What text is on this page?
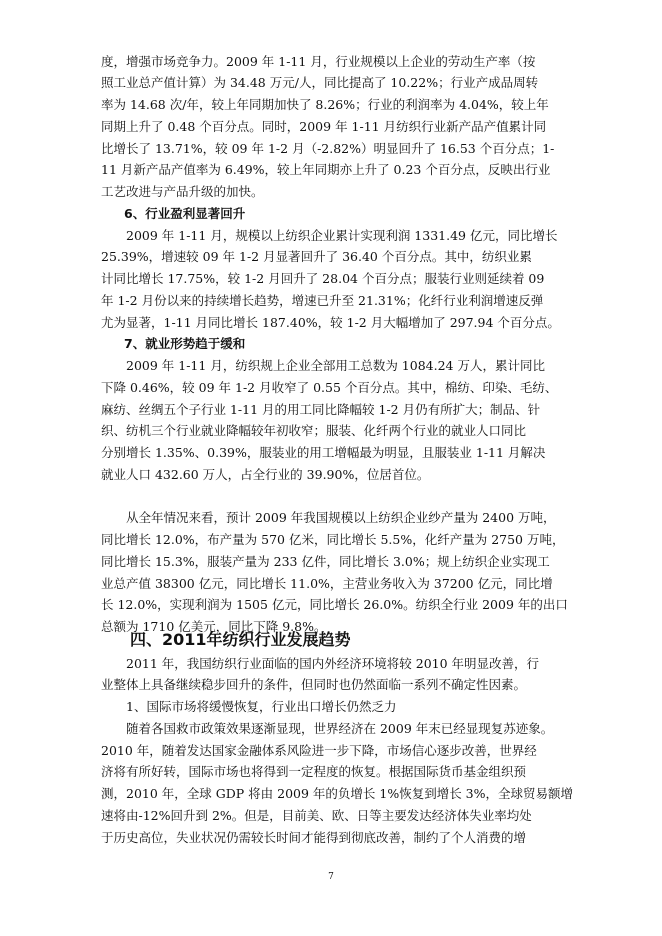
度，增强市场竞争力。2009 年 1-11 月，行业规模以上企业的劳动生产率（按
照工业总产值计算）为 34.48 万元/人，同比提高了 10.22%；行业产成品周转
率为 14.68 次/年，较上年同期加快了 8.26%；行业的利润率为 4.04%，较上年
同期上升了 0.48 个百分点。同时，2009 年 1-11 月纺织行业新产品产值累计同
比增长了 13.71%，较 09 年 1-2 月（-2.82%）明显回升了 16.53 个百分点；1-
11 月新产品产值率为 6.49%，较上年同期亦上升了 0.23 个百分点，反映出行业
工艺改进与产品升级的加快。
6、行业盈利显著回升
2009 年 1-11 月，规模以上纺织企业累计实现利润 1331.49 亿元，同比增长
25.39%，增速较 09 年 1-2 月显著回升了 36.40 个百分点。其中，纺织业累
计同比增长 17.75%，较 1-2 月回升了 28.04 个百分点；服装行业则延续着 09
年 1-2 月份以来的持续增长趋势，增速已升至 21.31%；化纤行业利润增速反弹
尤为显著，1-11 月同比增长 187.40%，较 1-2 月大幅增加了 297.94 个百分点。
7、就业形势趋于缓和
2009 年 1-11 月，纺织规上企业全部用工总数为 1084.24 万人，累计同比
下降 0.46%，较 09 年 1-2 月收窄了 0.55 个百分点。其中，棉纺、印染、毛纺、
麻纺、丝绸五个子行业 1-11 月的用工同比降幅较 1-2 月仍有所扩大；制品、针
织、纺机三个行业就业降幅较年初收窄；服装、化纤两个行业的就业人口同比
分别增长 1.35%、0.39%，服装业的用工增幅最为明显，且服装业 1-11 月解决
就业人口 432.60 万人，占全行业的 39.90%，位居首位。
从全年情况来看，预计 2009 年我国规模以上纺织企业纱产量为 2400 万吨，
同比增长 12.0%，布产量为 570 亿米，同比增长 5.5%，化纤产量为 2750 万吨，
同比增长 15.3%，服装产量为 233 亿件，同比增长 3.0%；规上纺织企业实现工
业总产值 38300 亿元，同比增长 11.0%，主营业务收入为 37200 亿元，同比增
长 12.0%，实现利润为 1505 亿元，同比增长 26.0%。纺织全行业 2009 年的出口
总额为 1710 亿美元，同比下降 9.8%。
四、2011年纺织行业发展趋势
2011 年，我国纺织行业面临的国内外经济环境将较 2010 年明显改善，行
业整体上具备继续稳步回升的条件，但同时也仍然面临一系列不确定性因素。
1、国际市场将缓慢恢复，行业出口增长仍然乏力
随着各国救市政策效果逐渐显现，世界经济在 2009 年末已经显现复苏迹象。
2010 年，随着发达国家金融体系风险进一步下降，市场信心逐步改善，世界经
济将有所好转，国际市场也将得到一定程度的恢复。根据国际货币基金组织预
测，2010 年，全球 GDP 将由 2009 年的负增长 1%恢复到增长 3%，全球贸易额增
速将由-12%回升到 2%。但是，目前美、欧、日等主要发达经济体失业率均处
于历史高位，失业状况仍需较长时间才能得到彻底改善，制约了个人消费的增
7
